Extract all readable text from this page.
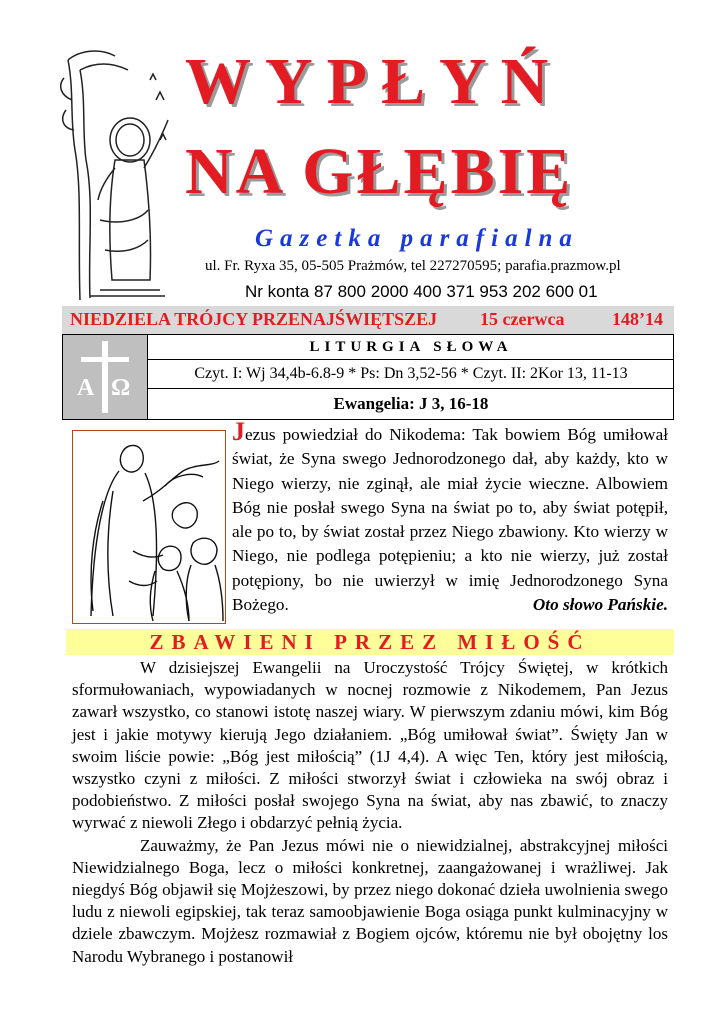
WYPŁYŃ
NA GŁĘBIĘ
Gazetka parafialna
ul. Fr. Ryxa 35, 05-505 Prażmów, tel 227270595; parafia.prazmow.pl
Nr konta 87 800 2000 400 371 953 202 600 01
NIEDZIELA TRÓJCY PRZENAJŚWIĘTSZEJ 15 czerwca	148’14
A Ω
LITURGIA SŁOWA
Czyt. I: Wj 34,4b-6.8-9 * Ps: Dn 3,52-56 * Czyt. II: 2Kor 13, 11-13
Ewangelia: J 3, 16-18
Jezus powiedział do Nikodema: Tak bowiem Bóg umiłował świat, że Syna swego Jednorodzonego dał, aby każdy, kto w Niego wierzy, nie zginął, ale miał życie wieczne. Albowiem Bóg nie posłał swego Syna na świat po to, aby świat potępił, ale po to, by świat został przez Niego zbawiony. Kto wierzy w Niego, nie podlega potępieniu; a kto nie wierzy, już został potępiony, bo nie uwierzył w imię Jednorodzonego Syna Bożego.	Oto słowo Pańskie.
ZBAWIENI PRZEZ MIŁOŚĆ

W dzisiejszej Ewangelii na Uroczystość Trójcy Świętej, w krótkich sformułowaniach, wypowiadanych w nocnej rozmowie z Nikodemem, Pan Jezus zawarł wszystko, co stanowi istotę naszej wiary. W pierwszym zdaniu mówi, kim Bóg jest i jakie motywy kierują Jego działaniem. „Bóg umiłował świat”. Święty Jan w swoim liście powie: „Bóg jest miłością” (1J 4,4). A więc Ten, który jest miłością, wszystko czyni z miłości. Z miłości stworzył świat i człowieka na swój obraz i podobieństwo. Z miłości posłał swojego Syna na świat, aby nas zbawić, to znaczy wyrwać z niewoli Złego i obdarzyć pełnią życia.

Zauważmy, że Pan Jezus mówi nie o niewidzialnej, abstrakcyjnej miłości Niewidzialnego Boga, lecz o miłości konkretnej, zaangażowanej i wrażliwej. Jak niegdyś Bóg objawił się Mojżeszowi, by przez niego dokonać dzieła uwolnienia swego ludu z niewoli egipskiej, tak teraz samoobjawienie Boga osiąga punkt kulminacyjny w dziele zbawczym. Mojżesz rozmawiał z Bogiem ojców, któremu nie był obojętny los Narodu Wybranego i postanowił
